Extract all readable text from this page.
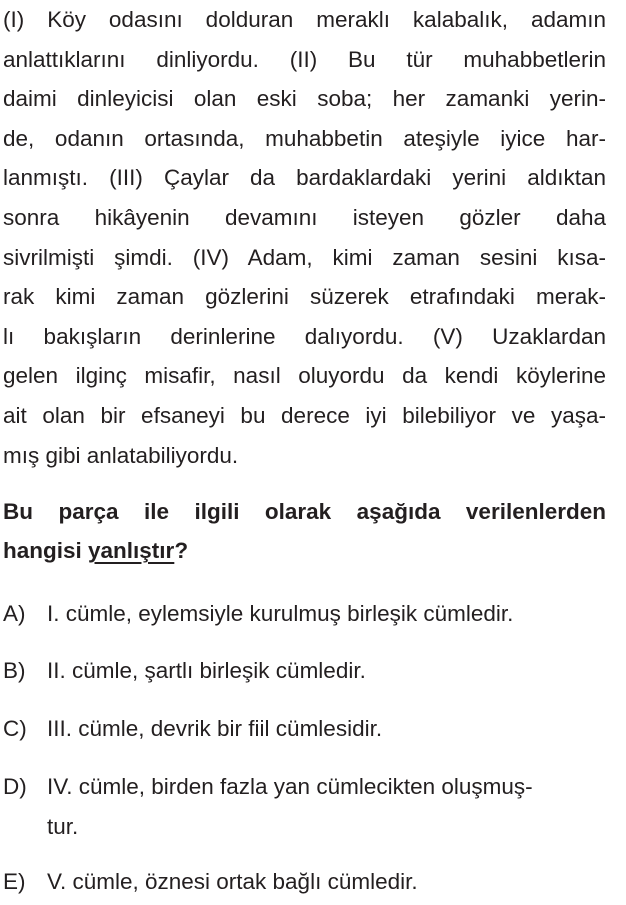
(I) Köy odasını dolduran meraklı kalabalık, adamın
anlattıklarını dinliyordu. (II) Bu tür muhabbetlerin
daimi dinleyicisi olan eski soba; her zamanki yerin-
de, odanın ortasında, muhabbetin ateşiyle iyice har-
lanmıştı. (III) Çaylar da bardaklardaki yerini aldıktan
sonra hikâyenin devamını isteyen gözler daha
sivrilmişti şimdi. (IV) Adam, kimi zaman sesini kısa-
rak kimi zaman gözlerini süzerek etrafındaki merak-
lı bakışların derinlerine dalıyordu. (V) Uzaklardan
gelen ilginç misafir, nasıl oluyordu da kendi köylerine
ait olan bir efsaneyi bu derece iyi bilebiliyor ve yaşa-
mış gibi anlatabiliyordu.
Bu parça ile ilgili olarak aşağıda verilenlerden
hangisi yanlıştır?
A) I. cümle, eylemsiyle kurulmuş birleşik cümledir.
B) II. cümle, şartlı birleşik cümledir.
C) III. cümle, devrik bir fiil cümlesidir.
D) IV. cümle, birden fazla yan cümlecikten oluşmuş-
tur.
E) V. cümle, öznesi ortak bağlı cümledir.
